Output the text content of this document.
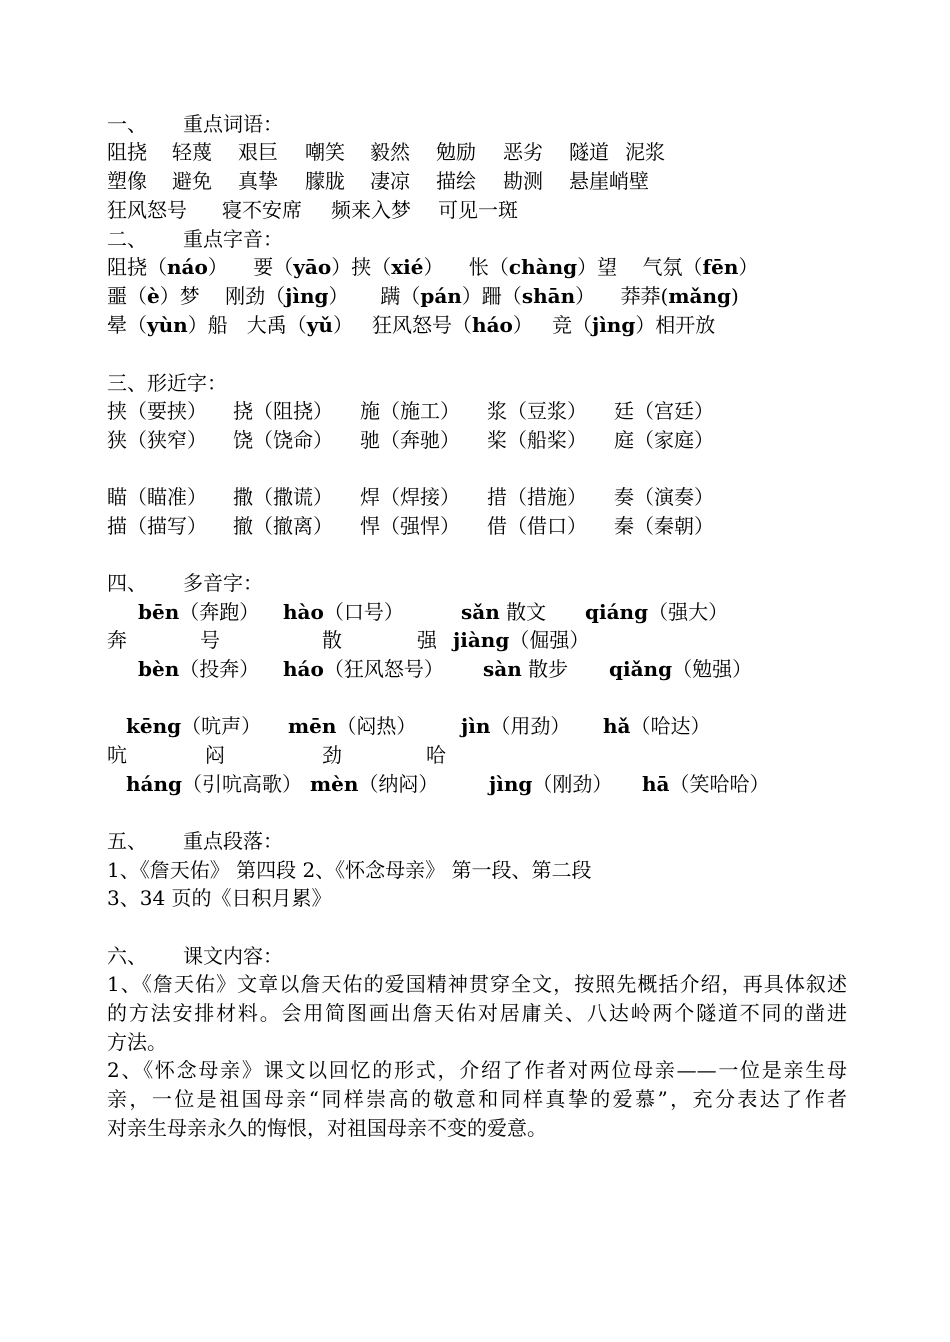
一、 重点词语：
阻挠 轻蔑 艰巨 嘲笑 毅然 勉励 恶劣 隧道 泥浆
塑像 避免 真挚 朦胧 凄凉 描绘 勘测 悬崖峭壁
狂风怒号 寝不安席 频来入梦 可见一斑
二、 重点字音：
阻挠（náo） 要（yāo）挟（xié） 怅（chàng）望 气氛（fēn）
噩（è）梦 刚劲（jìng） 蹒（pán）跚（shān） 莽莽(mǎng)
晕（yùn）船 大禹（yǔ） 狂风怒号（háo） 竞（jìng）相开放
三、形近字：
挟（要挟） 挠（阻挠） 施（施工） 浆（豆浆） 廷（宫廷）
狭（狭窄） 饶（饶命） 驰（奔驰） 桨（船桨） 庭（家庭）
瞄（瞄准） 撒（撒谎） 焊（焊接） 措（措施） 奏（演奏）
描（描写） 撤（撤离） 悍（强悍） 借（借口） 秦（秦朝）
四、 多音字：
bēn（奔跑） hào（口号）	sǎn 散文 qiáng（强大）
奔	号	散	强 jiàng（倔强）
bèn（投奔） háo（狂风怒号） sàn 散步 qiǎng（勉强）
kēng（吭声） mēn（闷热） jìn（用劲） hǎ（哈达）
吭	闷	劲	哈
háng（引吭高歌） mèn（纳闷）	jìng（刚劲） hā（笑哈哈）
五、 重点段落：
1、《詹天佑》 第四段 2、《怀念母亲》 第一段、第二段
3、34 页的《日积月累》
六、 课文内容：
1、《詹天佑》文章以詹天佑的爱国精神贯穿全文，按照先概括介绍，再具体叙述
的方法安排材料。会用简图画出詹天佑对居庸关、八达岭两个隧道不同的凿进
方法。
2、《怀念母亲》课文以回忆的形式，介绍了作者对两位母亲——一位是亲生母
亲，一位是祖国母亲“同样崇高的敬意和同样真挚的爱慕”，充分表达了作者
对亲生母亲永久的悔恨，对祖国母亲不变的爱意。
